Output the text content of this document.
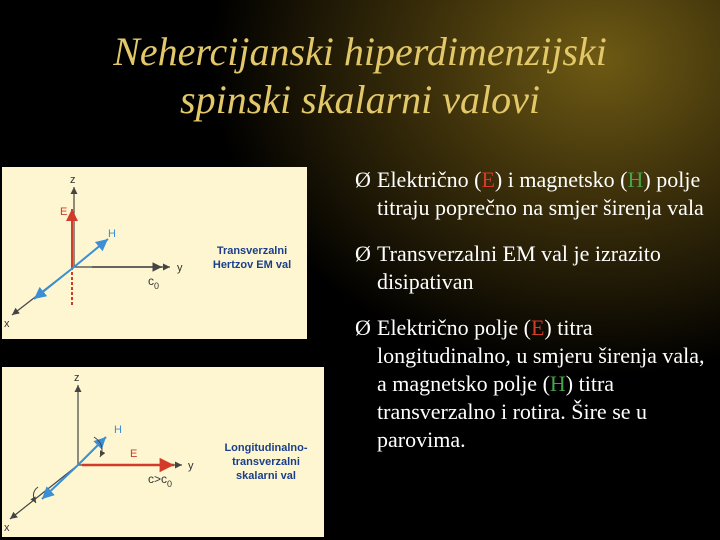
Nehercijanski hiperdimenzijski
spinski skalarni valovi
z
y
x
E
H
$c_0$
Transverzalni
Hertzov EM val
z
y
x
E
H
$c>c_0$
Longitudinalno-
transverzalni
skalarni val
Ø Električno (E) i magnetsko (H) polje titraju poprečno na smjer širenja vala
Ø Transverzalni EM val je izrazito disipativan
Ø Električno polje (E) titra longitudinalno, u smjeru širenja vala, a magnetsko polje (H) titra transverzalno i rotira. Šire se u parovima.
